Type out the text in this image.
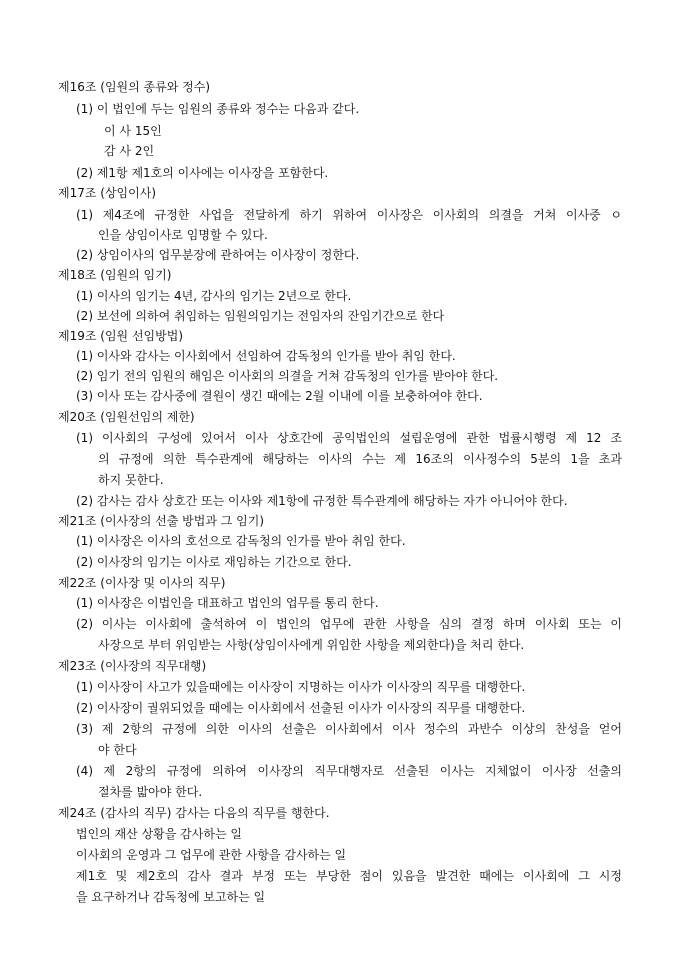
제16조 (임원의 종류와 정수)
(1) 이 법인에 두는 임원의 종류와 정수는 다음과 같다.
이 사 15인
감 사 2인
(2) 제1항 제1호의 이사에는 이사장을 포함한다.
제17조 (상임이사)
(1) 제4조에 규정한 사업을 전달하게 하기 위하여 이사장은 이사회의 의결을 거쳐 이사중 ㅇ
인을 상임이사로 임명할 수 있다.
(2) 상임이사의 업무분장에 관하여는 이사장이 정한다.
제18조 (임원의 임기)
(1) 이사의 임기는 4년, 감사의 임기는 2년으로 한다.
(2) 보선에 의하여 취임하는 임원의임기는 전임자의 잔임기간으로 한다
제19조 (임원 선임방법)
(1) 이사와 감사는 이사회에서 선임하여 감독청의 인가를 받아 취임 한다.
(2) 임기 전의 임원의 해임은 이사회의 의결을 거쳐 감독청의 인가를 받아야 한다.
(3) 이사 또는 감사중에 결원이 생긴 때에는 2월 이내에 이를 보충하여야 한다.
제20조 (임원선임의 제한)
(1) 이사회의 구성에 있어서 이사 상호간에 공익법인의 설립운영에 관한 법률시행령 제 12 조
의 규정에 의한 특수관계에 해당하는 이사의 수는 제 16조의 이사정수의 5분의 1을 초과
하지 못한다.
(2) 감사는 감사 상호간 또는 이사와 제1항에 규정한 특수관계에 해당하는 자가 아니어야 한다.
제21조 (이사장의 선출 방법과 그 임기)
(1) 이사장은 이사의 호선으로 감독청의 인가를 받아 취임 한다.
(2) 이사장의 임기는 이사로 재임하는 기간으로 한다.
제22조 (이사장 및 이사의 직무)
(1) 이사장은 이법인을 대표하고 법인의 업무를 통리 한다.
(2) 이사는 이사회에 출석하여 이 법인의 업무에 관한 사항을 심의 결정 하며 이사회 또는 이
사장으로 부터 위임받는 사항(상임이사에게 위임한 사항을 제외한다)을 처리 한다.
제23조 (이사장의 직무대행)
(1) 이사장이 사고가 있을때에는 이사장이 지명하는 이사가 이사장의 직무를 대행한다.
(2) 이사장이 궐위되었을 때에는 이사회에서 선출된 이사가 이사장의 직무를 대행한다.
(3) 제 2항의 규정에 의한 이사의 선출은 이사회에서 이사 정수의 과반수 이상의 찬성을 얻어
야 한다
(4) 제 2항의 규정에 의하여 이사장의 직무대행자로 선출된 이사는 지체없이 이사장 선출의
절차를 밟아야 한다.
제24조 (감사의 직무) 감사는 다음의 직무를 행한다.
법인의 재산 상황을 감사하는 일
이사회의 운영과 그 업무에 관한 사항을 감사하는 일
제1호 및 제2호의 감사 결과 부정 또는 부당한 점이 있음을 발견한 때에는 이사회에 그 시정
을 요구하거나 감독청에 보고하는 일
